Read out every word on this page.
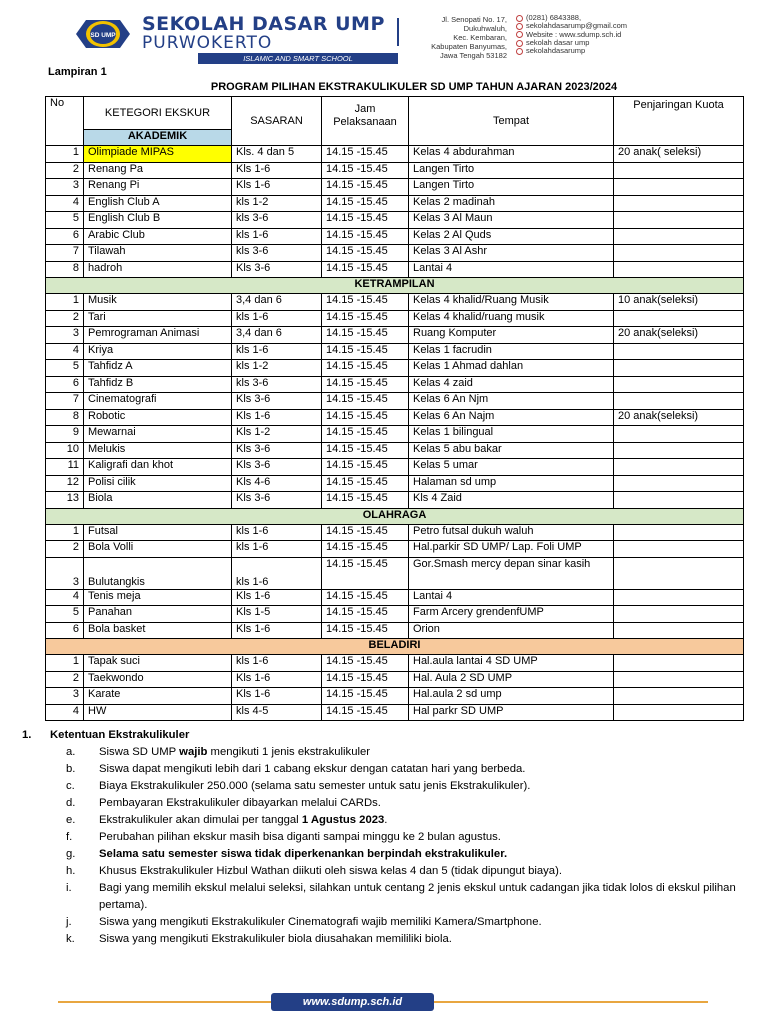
SD UMP
SEKOLAH DASAR UMP
PURWOKERTO
ISLAMIC AND SMART SCHOOL
Jl. Senopati No. 17,
Dukuhwaluh,
Kec. Kembaran,
Kabupaten Banyumas,
Jawa Tengah 53182
(0281) 6843388,
sekolahdasarump@gmail.com
Website : www.sdump.sch.id
sekolah dasar ump
sekolahdasarump
Lampiran 1
PROGRAM PILIHAN EKSTRAKULIKULER SD UMP TAHUN AJARAN 2023/2024
No	KETEGORI EKSKUR	SASARAN	Jam Pelaksanaan	Tempat	Penjaringan Kuota
	AKADEMIK				
1	Olimpiade MIPAS	Kls. 4 dan 5	14.15 -15.45	Kelas 4 abdurahman	20 anak( seleksi)
2	Renang Pa	Kls 1-6	14.15 -15.45	Langen Tirto	
3	Renang Pi	Kls 1-6	14.15 -15.45	Langen Tirto	
4	English Club A	kls 1-2	14.15 -15.45	Kelas 2 madinah	
5	English Club B	kls 3-6	14.15 -15.45	Kelas 3 Al Maun	
6	Arabic Club	kls 1-6	14.15 -15.45	Kelas 2 Al Quds	
7	Tilawah	kls 3-6	14.15 -15.45	Kelas 3 Al Ashr	
8	hadroh	Kls 3-6	14.15 -15.45	Lantai 4	
KETRAMPILAN					
1	Musik	3,4 dan 6	14.15 -15.45	Kelas 4 khalid/Ruang Musik	10 anak(seleksi)
2	Tari	kls 1-6	14.15 -15.45	Kelas 4 khalid/ruang musik	
3	Pemrograman Animasi	3,4 dan 6	14.15 -15.45	Ruang Komputer	20 anak(seleksi)
4	Kriya	kls 1-6	14.15 -15.45	Kelas 1 facrudin	
5	Tahfidz A	kls 1-2	14.15 -15.45	Kelas 1 Ahmad dahlan	
6	Tahfidz B	kls 3-6	14.15 -15.45	Kelas 4 zaid	
7	Cinematografi	Kls 3-6	14.15 -15.45	Kelas 6 An Njm	
8	Robotic	Kls 1-6	14.15 -15.45	Kelas 6 An Najm	20 anak(seleksi)
9	Mewarnai	Kls 1-2	14.15 -15.45	Kelas 1 bilingual	
10	Melukis	Kls 3-6	14.15 -15.45	Kelas 5 abu bakar	
11	Kaligrafi dan khot	Kls 3-6	14.15 -15.45	Kelas 5 umar	
12	Polisi cilik	Kls 4-6	14.15 -15.45	Halaman sd ump	
13	Biola	Kls 3-6	14.15 -15.45	Kls 4 Zaid	
OLAHRAGA					
1	Futsal	kls 1-6	14.15 -15.45	Petro futsal dukuh waluh	
2	Bola Volli	kls 1-6	14.15 -15.45	Hal.parkir SD UMP/ Lap. Foli UMP	
3	Bulutangkis	kls 1-6	14.15 -15.45	Gor.Smash mercy depan sinar kasih	
4	Tenis meja	Kls 1-6	14.15 -15.45	Lantai 4	
5	Panahan	Kls 1-5	14.15 -15.45	Farm Arcery grendenfUMP	
6	Bola basket	Kls 1-6	14.15 -15.45	Orion	
BELADIRI					
1	Tapak suci	kls 1-6	14.15 -15.45	Hal.aula lantai 4 SD UMP	
2	Taekwondo	Kls 1-6	14.15 -15.45	Hal. Aula 2 SD UMP	
3	Karate	Kls 1-6	14.15 -15.45	Hal.aula 2 sd ump	
4	HW	kls 4-5	14.15 -15.45	Hal parkr SD UMP	
1.	Ketentuan Ekstrakulikuler
a.	Siswa SD UMP wajib mengikuti 1 jenis ekstrakulikuler
b.	Siswa dapat mengikuti lebih dari 1 cabang ekskur dengan catatan hari yang berbeda.
c.	Biaya Ekstrakulikuler 250.000 (selama satu semester untuk satu jenis Ekstrakulikuler).
d.	Pembayaran Ekstrakulikuler dibayarkan melalui CARDs.
e.	Ekstrakulikuler akan dimulai per tanggal 1 Agustus 2023.
f.	Perubahan pilihan ekskur masih bisa diganti sampai minggu ke 2 bulan agustus.
g.	Selama satu semester siswa tidak diperkenankan berpindah ekstrakulikuler.
h.	Khusus Ekstrakulikuler Hizbul Wathan diikuti oleh siswa kelas 4 dan 5 (tidak dipungut biaya).
i.	Bagi yang memilih ekskul melalui seleksi, silahkan untuk centang 2 jenis ekskul untuk cadangan jika tidak lolos di ekskul pilihan pertama).
j.	Siswa yang mengikuti Ekstrakulikuler Cinematografi wajib memiliki Kamera/Smartphone.
k.	Siswa yang mengikuti Ekstrakulikuler biola diusahakan memililiki biola.
www.sdump.sch.id
